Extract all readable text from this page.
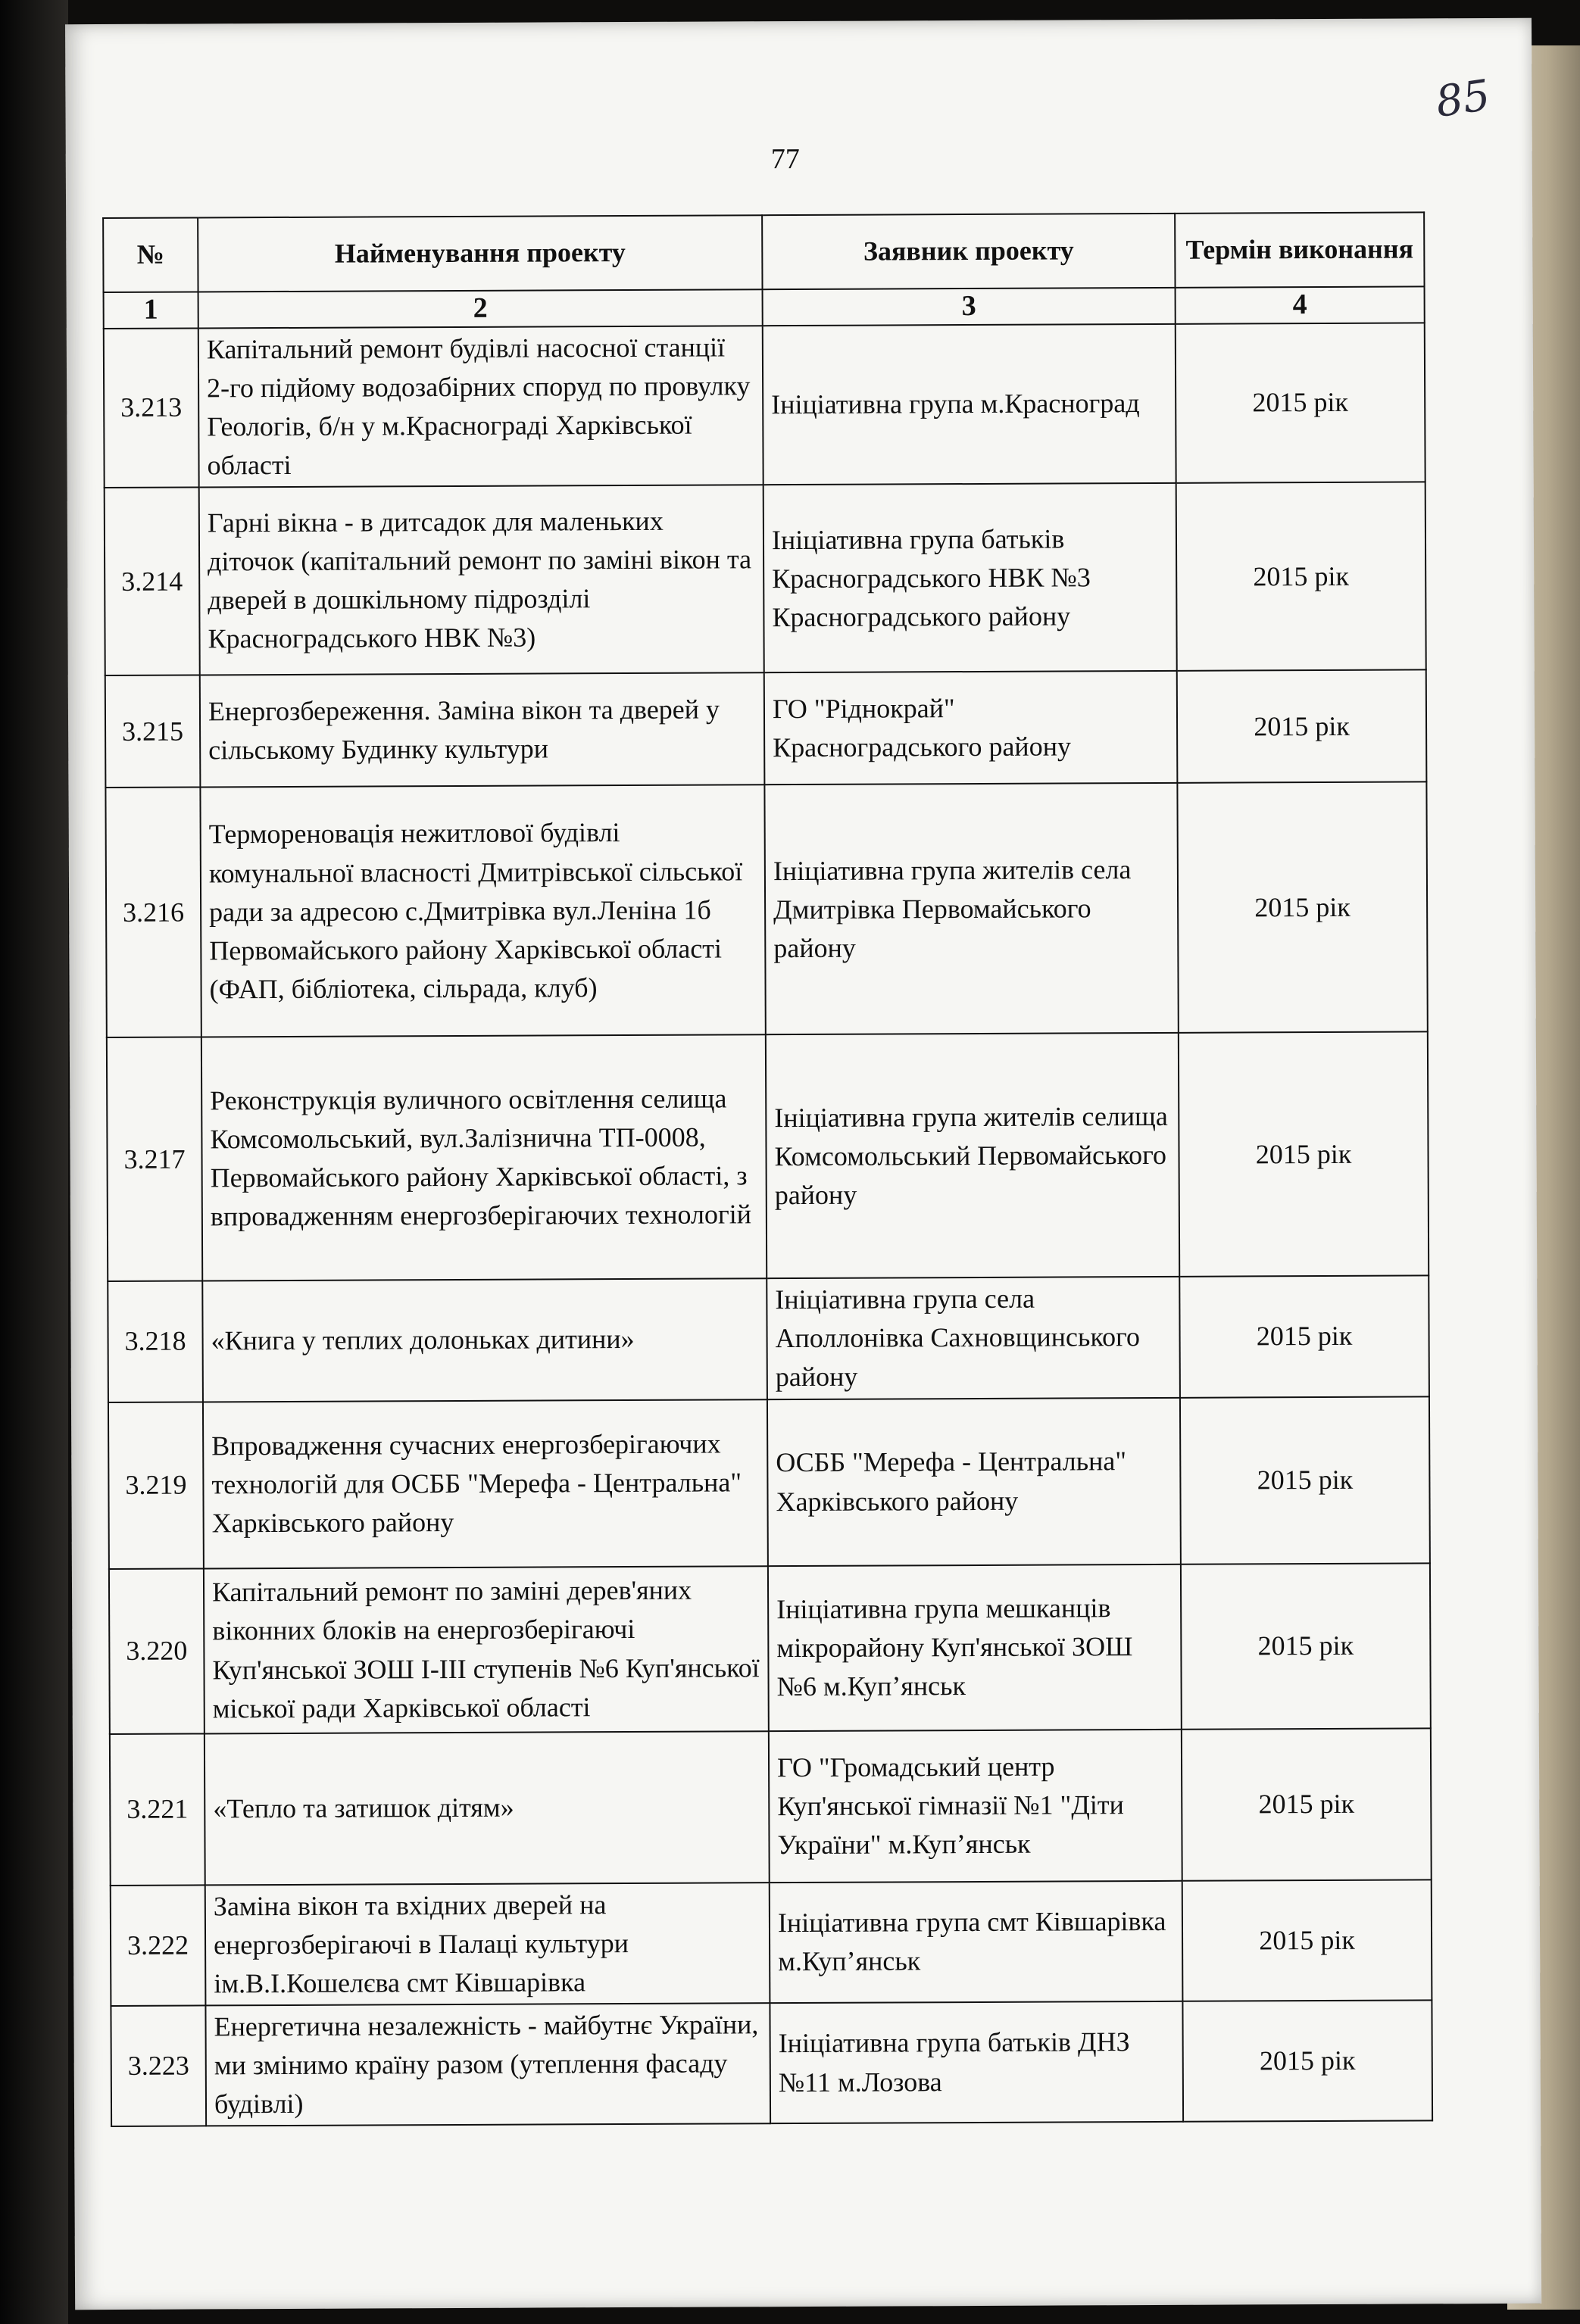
85
77
№	Найменування проекту	Заявник проекту	Термін виконання
1	2	3	4
3.213	Капітальний ремонт будівлі насосної станції 2-го підйому водозабірних споруд по провулку Геологів, б/н у м.Краснограді Харківської області	Ініціативна група м.Красноград	2015 рік
3.214	Гарні вікна - в дитсадок для маленьких діточок (капітальний ремонт по заміні вікон та дверей в дошкільному підрозділі Красноградського НВК №3)	Ініціативна група батьків Красноградського НВК №3 Красноградського району	2015 рік
3.215	Енергозбереження. Заміна вікон та дверей у сільському Будинку культури	ГО "Ріднокрай" Красноградського району	2015 рік
3.216	Термореновація нежитлової будівлі комунальної власності Дмитрівської сільської ради за адресою с.Дмитрівка вул.Леніна 1б Первомайського району Харківської області (ФАП, бібліотека, сільрада, клуб)	Ініціативна група жителів села Дмитрівка Первомайського району	2015 рік
3.217	Реконструкція вуличного освітлення селища Комсомольський, вул.Залізнична ТП-0008, Первомайського району Харківської області, з впровадженням енергозберігаючих технологій	Ініціативна група жителів селища Комсомольський Первомайського району	2015 рік
3.218	«Книга у теплих долоньках дитини»	Ініціативна група села Аполлонівка Сахновщинського району	2015 рік
3.219	Впровадження сучасних енергозберігаючих технологій для ОСББ "Мерефа - Центральна" Харківського району	ОСББ "Мерефа - Центральна" Харківського району	2015 рік
3.220	Капітальний ремонт по заміні дерев'яних віконних блоків на енергозберігаючі Куп'янської ЗОШ І-ІІІ ступенів №6 Куп'янської міської ради Харківської області	Ініціативна група мешканців мікрорайону Куп'янської ЗОШ №6 м.Куп’янськ	2015 рік
3.221	«Тепло та затишок дітям»	ГО "Громадський центр Куп'янської гімназії №1 "Діти України" м.Куп’янськ	2015 рік
3.222	Заміна вікон та вхідних дверей на енергозберігаючі в Палаці культури ім.В.І.Кошелєва смт Ківшарівка	Ініціативна група смт Ківшарівка м.Куп’янськ	2015 рік
3.223	Енергетична незалежність - майбутнє України, ми змінимо країну разом (утеплення фасаду будівлі)	Ініціативна група батьків ДНЗ №11 м.Лозова	2015 рік
